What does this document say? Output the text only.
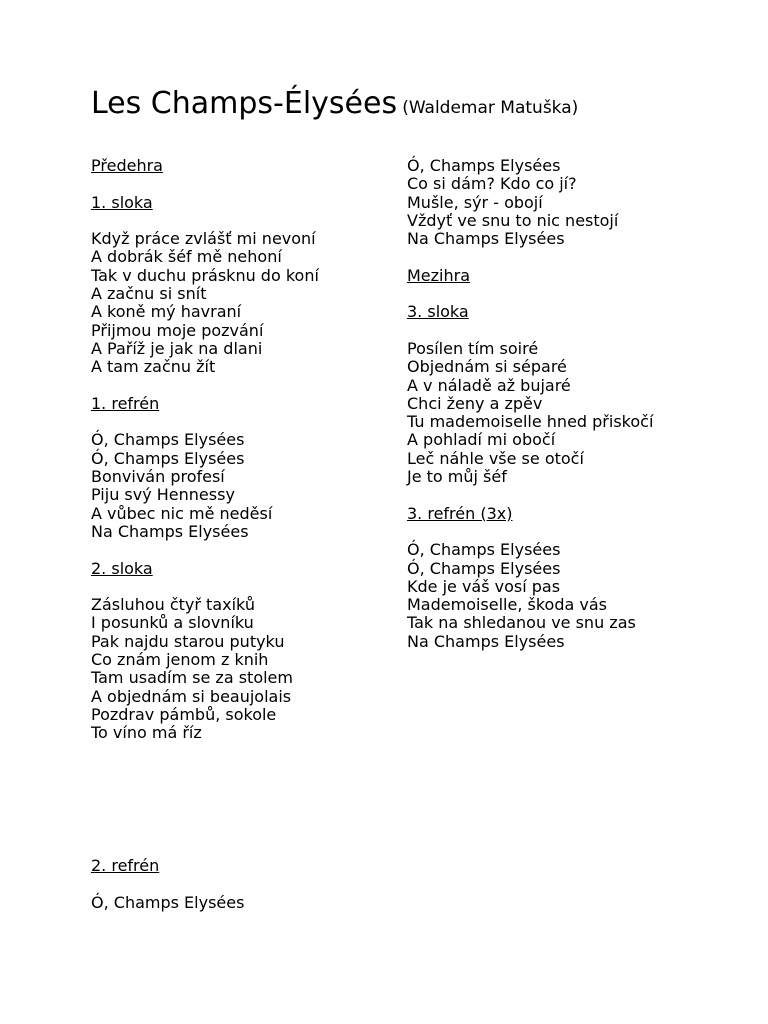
Les Champs-Élysées (Waldemar Matuška)
Předehra
1. sloka
Když práce zvlášť mi nevoní
A dobrák šéf mě nehoní
Tak v duchu prásknu do koní
A začnu si snít
A koně mý havraní
Přijmou moje pozvání
A Paříž je jak na dlani
A tam začnu žít
1. refrén
Ó, Champs Elysées
Ó, Champs Elysées
Bonviván profesí
Piju svý Hennessy
A vůbec nic mě neděsí
Na Champs Elysées
2. sloka
Zásluhou čtyř taxíků
I posunků a slovníku
Pak najdu starou putyku
Co znám jenom z knih
Tam usadím se za stolem
A objednám si beaujolais
Pozdrav pámbů, sokole
To víno má říz
Ó, Champs Elysées
Co si dám? Kdo co jí?
Mušle, sýr - obojí
Vždyť ve snu to nic nestojí
Na Champs Elysées
Mezihra
3. sloka
Posílen tím soiré
Objednám si séparé
A v náladě až bujaré
Chci ženy a zpěv
Tu mademoiselle hned přiskočí
A pohladí mi obočí
Leč náhle vše se otočí
Je to můj šéf
3. refrén (3x)
Ó, Champs Elysées
Ó, Champs Elysées
Kde je váš vosí pas
Mademoiselle, škoda vás
Tak na shledanou ve snu zas
Na Champs Elysées
2. refrén
Ó, Champs Elysées
